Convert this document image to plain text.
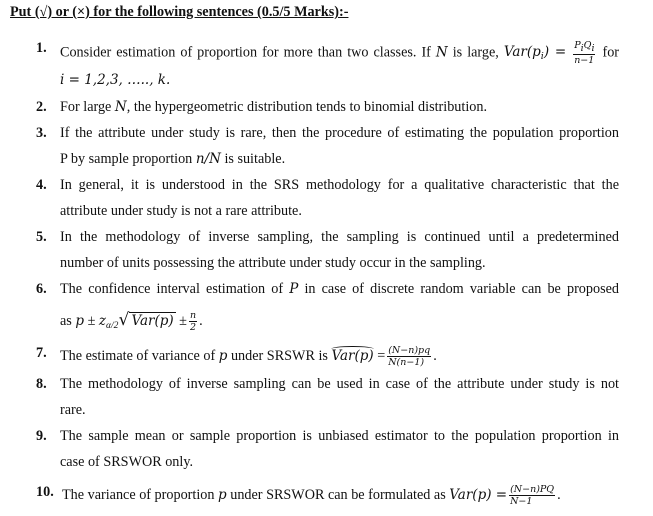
Put (√) or (×) for the following sentences (0.5/5 Marks):-
1. Consider estimation of proportion for more than two classes. If N is large, $Var(p_i) = \frac{\text{PiQi}}{n-1}$ for
i = 1,2,3, ….., k.
2. For large N, the hypergeometric distribution tends to binomial distribution.
3. If the attribute under study is rare, then the procedure of estimating the population proportion
P by sample proportion n/N is suitable.
4. In general, it is understood in the SRS methodology for a qualitative characteristic that the
attribute under study is not a rare attribute.
5. In the methodology of inverse sampling, the sampling is continued until a predetermined
number of units possessing the attribute under study occur in the sampling.
6. The confidence interval estimation of P in case of discrete random variable can be proposed
as $p \pm z_{\alpha/2}$ √ $Var(p) \pm \frac{n}{2}$ .
7. The estimate of variance of p under SRSWR is $Var(p) = \frac{(N-n)pq}{N(n-1)}$ .
8. The methodology of inverse sampling can be used in case of the attribute under study is not
rare.
9. The sample mean or sample proportion is unbiased estimator to the population proportion in
case of SRSWOR only.
10. The variance of proportion p under SRSWOR can be formulated as $Var(p) = \frac{(N-n)PQ}{N-1}$ .
